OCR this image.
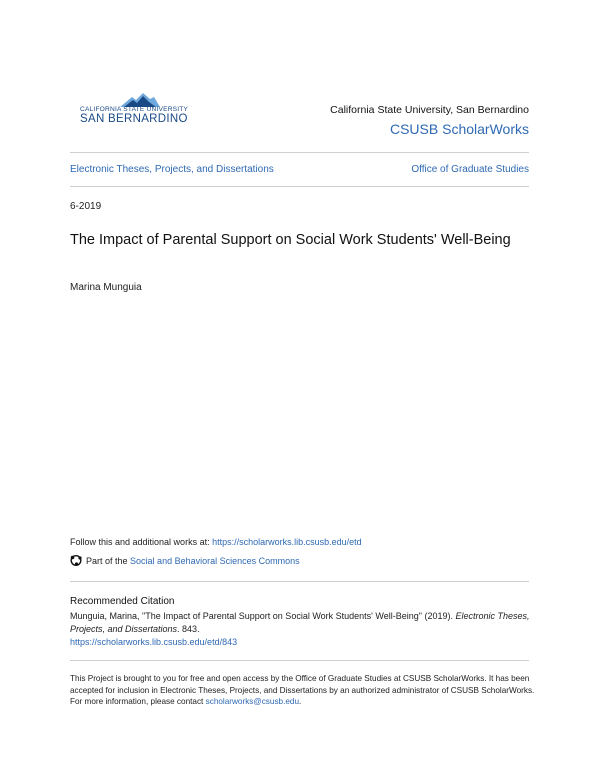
CALIFORNIA STATE UNIVERSITY
SAN BERNARDINO
California State University, San Bernardino
CSUSB ScholarWorks
Electronic Theses, Projects, and Dissertations	Office of Graduate Studies
6-2019
The Impact of Parental Support on Social Work Students' Well-Being
Marina Munguia
Follow this and additional works at: https://scholarworks.lib.csusb.edu/etd
Part of the
Social and Behavioral Sciences Commons
Recommended Citation
Munguia, Marina, "The Impact of Parental Support on Social Work Students' Well-Being" (2019). Electronic Theses, Projects, and Dissertations. 843.
https://scholarworks.lib.csusb.edu/etd/843
This Project is brought to you for free and open access by the Office of Graduate Studies at CSUSB ScholarWorks. It has been accepted for inclusion in Electronic Theses, Projects, and Dissertations by an authorized administrator of CSUSB ScholarWorks. For more information, please contact scholarworks@csusb.edu.
